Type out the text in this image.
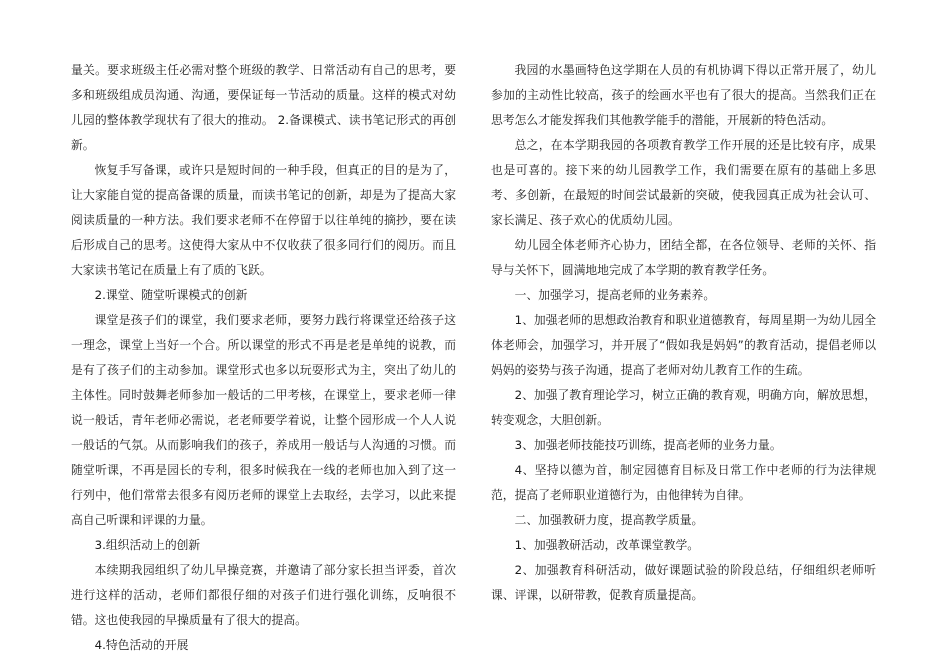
量关。要求班级主任必需对整个班级的教学、日常活动有自己的思考，要多和班级组成员沟通、沟通，要保证每一节活动的质量。这样的模式对幼儿园的整体教学现状有了很大的推动。 2.备课模式、读书笔记形式的再创新。

恢复手写备课，或许只是短时间的一种手段，但真正的目的是为了，让大家能自觉的提高备课的质量，而读书笔记的创新，却是为了提高大家阅读质量的一种方法。我们要求老师不在停留于以往单纯的摘抄，要在读后形成自己的思考。这使得大家从中不仅收获了很多同行们的阅历。而且大家读书笔记在质量上有了质的飞跃。

2.课堂、随堂听课模式的创新

课堂是孩子们的课堂，我们要求老师，要努力践行将课堂还给孩子这一理念，课堂上当好一个合。所以课堂的形式不再是老是单纯的说教，而是有了孩子们的主动参加。课堂形式也多以玩耍形式为主，突出了幼儿的主体性。同时鼓舞老师参加一般话的二甲考核，在课堂上，要求老师一律说一般话，青年老师必需说，老老师要学着说，让整个园形成一个人人说一般话的气氛。从而影响我们的孩子，养成用一般话与人沟通的习惯。而随堂听课，不再是园长的专利，很多时候我在一线的老师也加入到了这一行列中，他们常常去很多有阅历老师的课堂上去取经，去学习，以此来提高自己听课和评课的力量。

3.组织活动上的创新

本续期我园组织了幼儿早操竞赛，并邀请了部分家长担当评委，首次进行这样的活动，老师们都很仔细的对孩子们进行强化训练，反响很不错。这也使我园的早操质量有了很大的提高。

4.特色活动的开展

我园的水墨画特色这学期在人员的有机协调下得以正常开展了，幼儿参加的主动性比较高，孩子的绘画水平也有了很大的提高。当然我们正在思考怎么才能发挥我们其他教学能手的潜能，开展新的特色活动。

总之，在本学期我园的各项教育教学工作开展的还是比较有序，成果也是可喜的。接下来的幼儿园教学工作，我们需要在原有的基础上多思考、多创新，在最短的时间尝试最新的突破，使我园真正成为社会认可、家长满足、孩子欢心的优质幼儿园。

幼儿园全体老师齐心协力，团结全都，在各位领导、老师的关怀、指导与关怀下，圆满地地完成了本学期的教育教学任务。

一、加强学习，提高老师的业务素养。

1、加强老师的思想政治教育和职业道德教育，每周星期一为幼儿园全体老师会，加强学习，并开展了“假如我是妈妈”的教育活动，提倡老师以妈妈的姿势与孩子沟通，提高了老师对幼儿教育工作的生疏。

2、加强了教育理论学习，树立正确的教育观，明确方向，解放思想，转变观念，大胆创新。

3、加强老师技能技巧训练，提高老师的业务力量。

4、坚持以德为首，制定园德育目标及日常工作中老师的行为法律规范，提高了老师职业道德行为，由他律转为自律。

二、加强教研力度，提高教学质量。

1、加强教研活动，改革课堂教学。

2、加强教育科研活动，做好课题试验的阶段总结，仔细组织老师听课、评课，以研带教，促教育质量提高。
